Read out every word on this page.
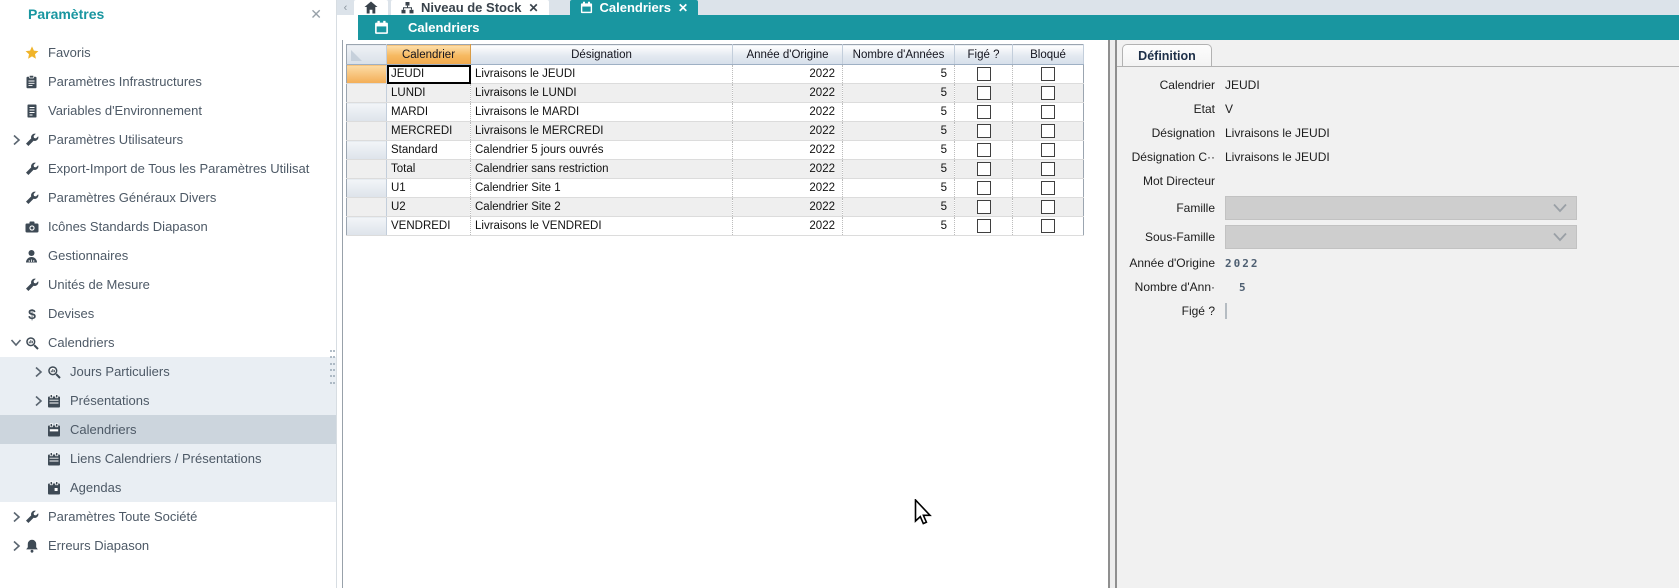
Paramètres	✕
Favoris
Paramètres Infrastructures
Variables d'Environnement
Paramètres Utilisateurs
Export-Import de Tous les Paramètres Utilisat
Paramètres Généraux Divers
Icônes Standards Diapason
Gestionnaires
Unités de Mesure
$ Devises
Calendriers
Jours Particuliers
Présentations
Calendriers
Liens Calendriers / Présentations
Agendas
Paramètres Toute Société
Erreurs Diapason
‹	Niveau de Stock ✕	Calendriers ✕
Calendriers
	Calendrier	Désignation	Année d'Origine	Nombre d'Années	Figé ?	Bloqué
	JEUDI	Livraisons le JEUDI	2022	5		
	LUNDI	Livraisons le LUNDI	2022	5		
	MARDI	Livraisons le MARDI	2022	5		
	MERCREDI	Livraisons le MERCREDI	2022	5		
	Standard	Calendrier 5 jours ouvrés	2022	5		
	Total	Calendrier sans restriction	2022	5		
	U1	Calendrier Site 1	2022	5		
	U2	Calendrier Site 2	2022	5		
	VENDREDI	Livraisons le VENDREDI	2022	5		
Définition
Calendrier JEUDI
Etat V
Désignation Livraisons le JEUDI
Désignation C·· Livraisons le JEUDI
Mot Directeur
Famille
Sous-Famille
Année d'Origine 2022
Nombre d'Ann·	5
Figé ?
